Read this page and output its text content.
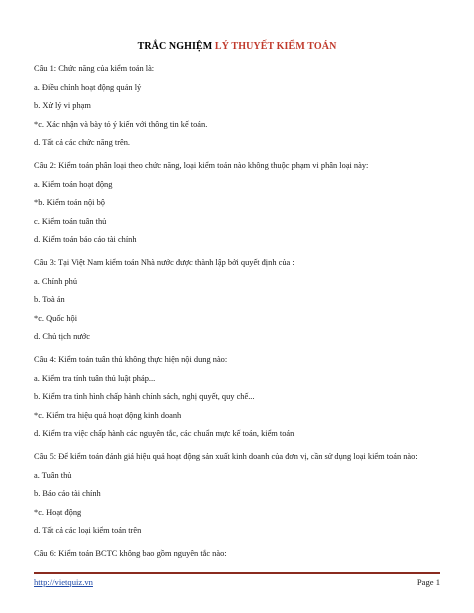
TRẮC NGHIỆM LÝ THUYẾT KIỂM TOÁN
Câu 1: Chức năng của kiểm toán là:
a. Điều chỉnh hoạt động quản lý
b. Xử lý vi phạm
*c. Xác nhận và bày tỏ ý kiến với thông tin kế toán.
d. Tất cả các chức năng trên.
Câu 2: Kiểm toán phân loại theo chức năng, loại kiểm toán nào không thuộc phạm vi phân loại này:
a. Kiểm toán hoạt động
*b. Kiểm toán nội bộ
c. Kiểm toán tuân thủ
d. Kiểm toán báo cáo tài chính
Câu 3: Tại Việt Nam kiểm toán Nhà nước được thành lập bởi quyết định của :
a. Chính phủ
b. Toà án
*c. Quốc hội
d. Chủ tịch nước
Câu 4: Kiểm toán tuân thủ không thực hiện nội dung nào:
a. Kiểm tra tính tuân thủ luật pháp...
b. Kiểm tra tình hình chấp hành chính sách, nghị quyết, quy chế...
*c. Kiểm tra hiệu quả hoạt động kinh doanh
d. Kiểm tra việc chấp hành các nguyên tắc, các chuẩn mực kế toán, kiểm toán
Câu 5: Để kiểm toán đánh giá hiệu quả hoạt động sản xuất kinh doanh của đơn vị, cần sử dụng loại kiểm toán nào:
a. Tuân thủ
b. Báo cáo tài chính
*c. Hoạt động
d. Tất cả các loại kiểm toán trên
Câu 6: Kiểm toán BCTC không bao gồm nguyên tắc nào:
http://vietquiz.vn	Page 1
